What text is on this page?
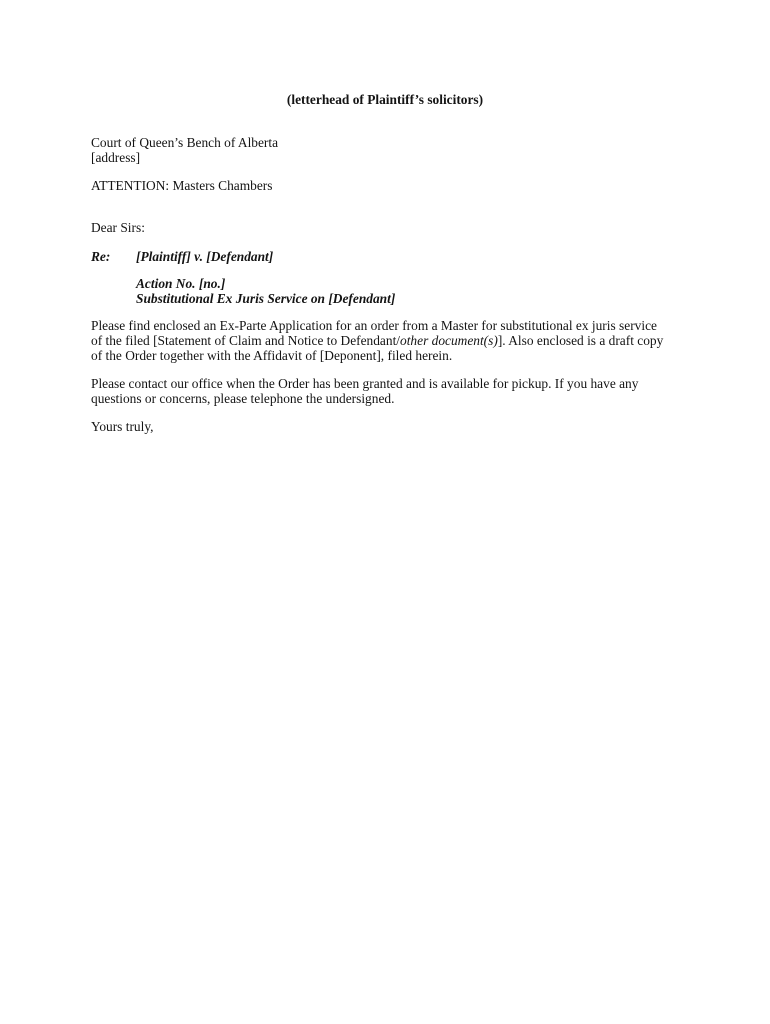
(letterhead of Plaintiff’s solicitors)
Court of Queen’s Bench of Alberta
[address]
ATTENTION: Masters Chambers
Dear Sirs:
Re: [Plaintiff] v. [Defendant]
Action No. [no.]
Substitutional Ex Juris Service on [Defendant]
Please find enclosed an Ex-Parte Application for an order from a Master for substitutional ex juris service
of the filed [Statement of Claim and Notice to Defendant/other document(s)]. Also enclosed is a draft copy
of the Order together with the Affidavit of [Deponent], filed herein.
Please contact our office when the Order has been granted and is available for pickup. If you have any
questions or concerns, please telephone the undersigned.
Yours truly,
